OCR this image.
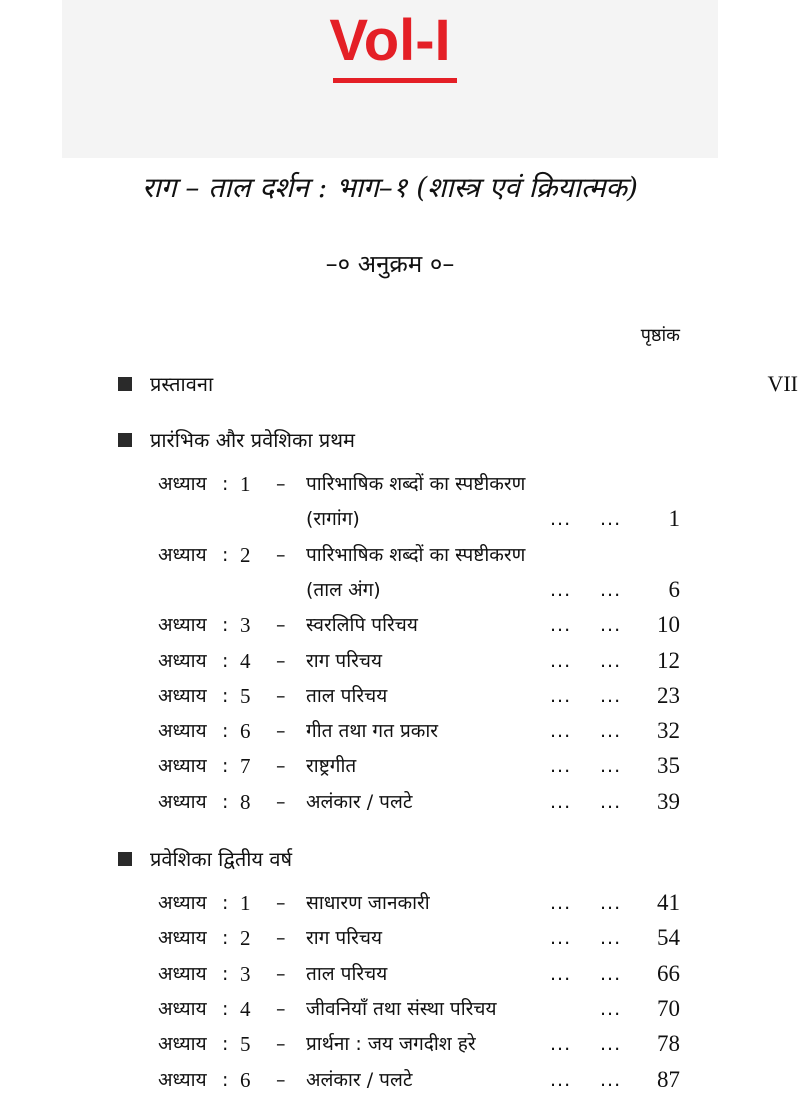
Vol-I
राग – ताल दर्शन : भाग–१ (शास्त्र एवं क्रियात्मक)
–० अनुक्रम ०–
पृष्ठांक
प्रस्तावना	VII
प्रारंभिक और प्रवेशिका प्रथम
अध्याय : 1	–	पारिभाषिक शब्दों का स्पष्टीकरण
(रागांग)	... ...	1
अध्याय : 2	–	पारिभाषिक शब्दों का स्पष्टीकरण
(ताल अंग)	... ...	6
अध्याय : 3	–	स्वरलिपि परिचय	... ...	10
अध्याय : 4	–	राग परिचय	... ...	12
अध्याय : 5	–	ताल परिचय	... ...	23
अध्याय : 6	–	गीत तथा गत प्रकार	... ...	32
अध्याय : 7	–	राष्ट्रगीत	... ...	35
अध्याय : 8	–	अलंकार / पलटे	... ...	39
प्रवेशिका द्वितीय वर्ष
अध्याय : 1	–	साधारण जानकारी	... ...	41
अध्याय : 2	–	राग परिचय	... ...	54
अध्याय : 3	–	ताल परिचय	... ...	66
अध्याय : 4	–	जीवनियाँ तथा संस्था परिचय	...	70
अध्याय : 5	–	प्रार्थना : जय जगदीश हरे	... ...	78
अध्याय : 6	–	अलंकार / पलटे	... ...	87
